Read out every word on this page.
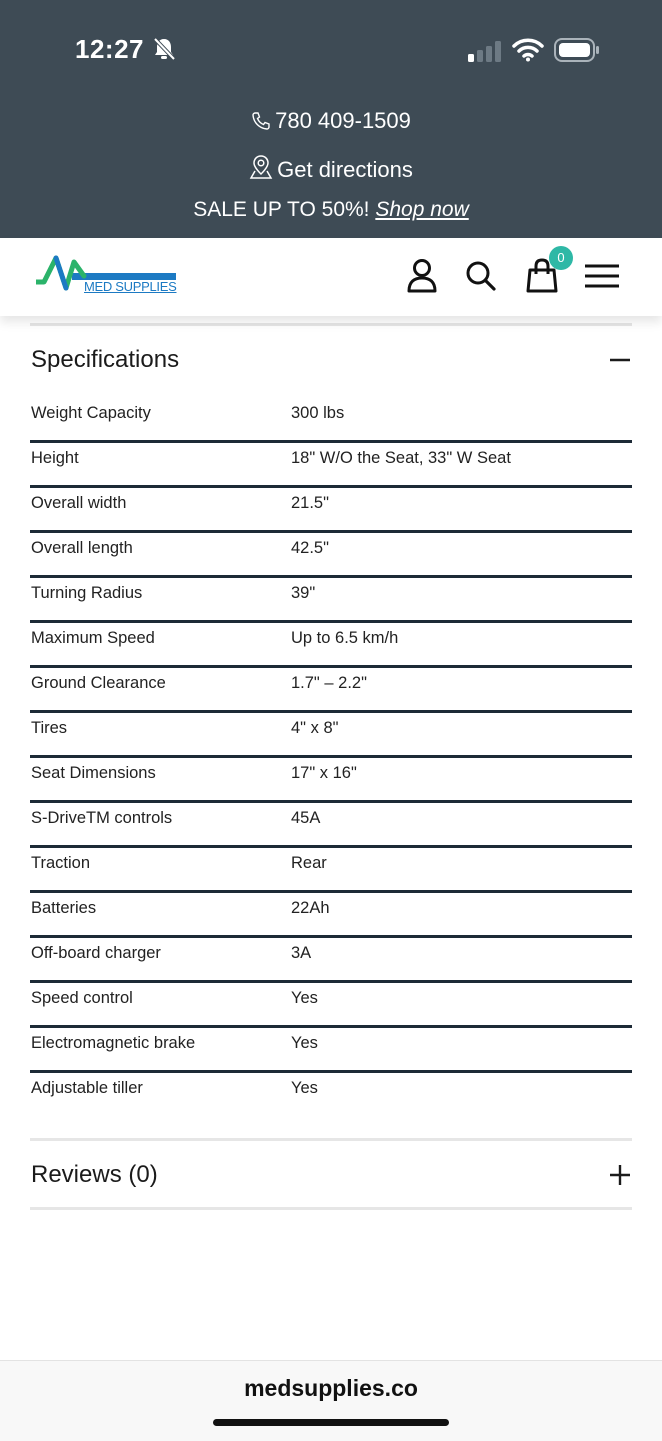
12:27
780 409-1509
Get directions
SALE UP TO 50%! Shop now
MED SUPPLIES
0
Specifications
Weight Capacity	300 lbs
Height	18" W/O the Seat, 33" W Seat
Overall width	21.5"
Overall length	42.5"
Turning Radius	39"
Maximum Speed	Up to 6.5 km/h
Ground Clearance	1.7" – 2.2"
Tires	4" x 8"
Seat Dimensions	17" x 16"
S-DriveTM controls	45A
Traction	Rear
Batteries	22Ah
Off-board charger	3A
Speed control	Yes
Electromagnetic brake	Yes
Adjustable tiller	Yes
Reviews (0)
medsupplies.co
